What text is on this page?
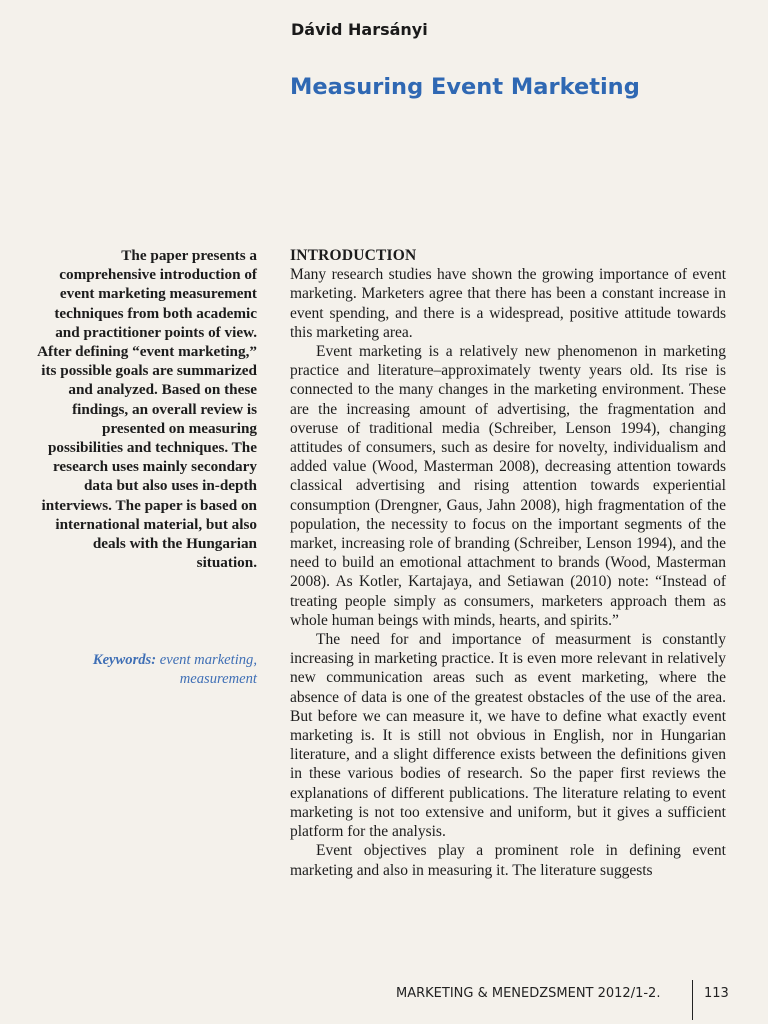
Dávid Harsányi
Measuring Event Marketing

The paper presents a comprehensive introduction of event marketing measurement techniques from both academic and practitioner points of view. After defining “event marketing,” its possible goals are summarized and analyzed. Based on these findings, an overall review is presented on measuring possibilities and techniques. The research uses mainly secondary data but also uses in-depth interviews. The paper is based on international material, but also deals with the Hungarian situation.

Keywords: event marketing, measurement
INTRODUCTION

Many research studies have shown the growing importance of event marketing. Marketers agree that there has been a constant increase in event spending, and there is a widespread, positive attitude towards this marketing area.

Event marketing is a relatively new phenomenon in marketing practice and literature–approximately twenty years old. Its rise is connected to the many changes in the marketing environment. These are the increasing amount of advertising, the fragmentation and overuse of traditional media (Schreiber, Lenson 1994), changing attitudes of consumers, such as desire for novelty, individualism and added value (Wood, Masterman 2008), decreasing attention towards classical advertising and rising attention towards experiential consumption (Drengner, Gaus, Jahn 2008), high fragmentation of the population, the necessity to focus on the important segments of the market, increasing role of branding (Schreiber, Lenson 1994), and the need to build an emotional attachment to brands (Wood, Masterman 2008). As Kotler, Kartajaya, and Setiawan (2010) note: “Instead of treating people simply as consumers, marketers approach them as whole human beings with minds, hearts, and spirits.”

The need for and importance of measurment is constantly increasing in marketing practice. It is even more relevant in relatively new communication areas such as event marketing, where the absence of data is one of the greatest obstacles of the use of the area. But before we can measure it, we have to define what exactly event marketing is. It is still not obvious in English, nor in Hungarian literature, and a slight difference exists between the definitions given in these various bodies of research. So the paper first reviews the explanations of different publications. The literature relating to event marketing is not too extensive and uniform, but it gives a sufficient platform for the analysis.

Event objectives play a prominent role in defining event marketing and also in measuring it. The literature suggests

MARKETING & MENEDZSMENT 2012/1-2.	113
